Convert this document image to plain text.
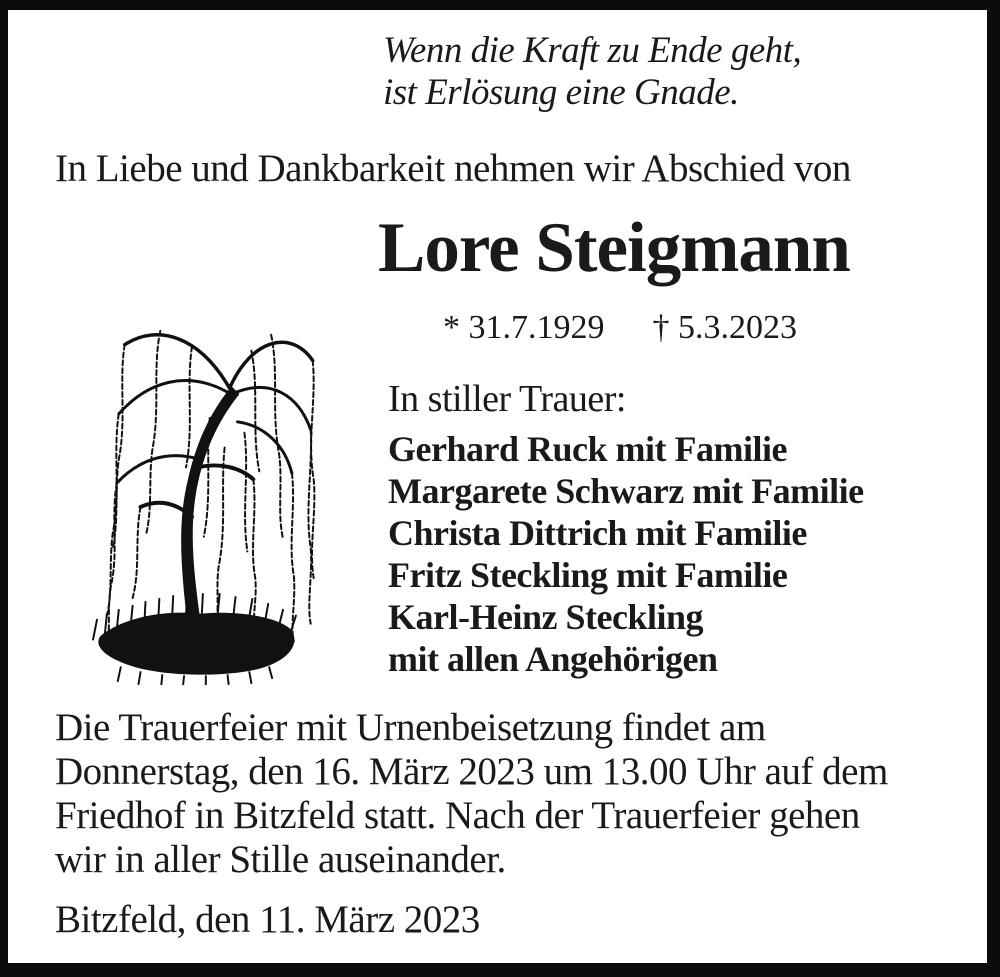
Wenn die Kraft zu Ende geht,
ist Erlösung eine Gnade.
In Liebe und Dankbarkeit nehmen wir Abschied von
Lore Steigmann
* 31.7.1929 † 5.3.2023
In stiller Trauer:
Gerhard Ruck mit Familie
Margarete Schwarz mit Familie
Christa Dittrich mit Familie
Fritz Steckling mit Familie
Karl-Heinz Steckling
mit allen Angehörigen
Die Trauerfeier mit Urnenbeisetzung findet am
Donnerstag, den 16. März 2023 um 13.00 Uhr auf dem
Friedhof in Bitzfeld statt. Nach der Trauerfeier gehen
wir in aller Stille auseinander.
Bitzfeld, den 11. März 2023
